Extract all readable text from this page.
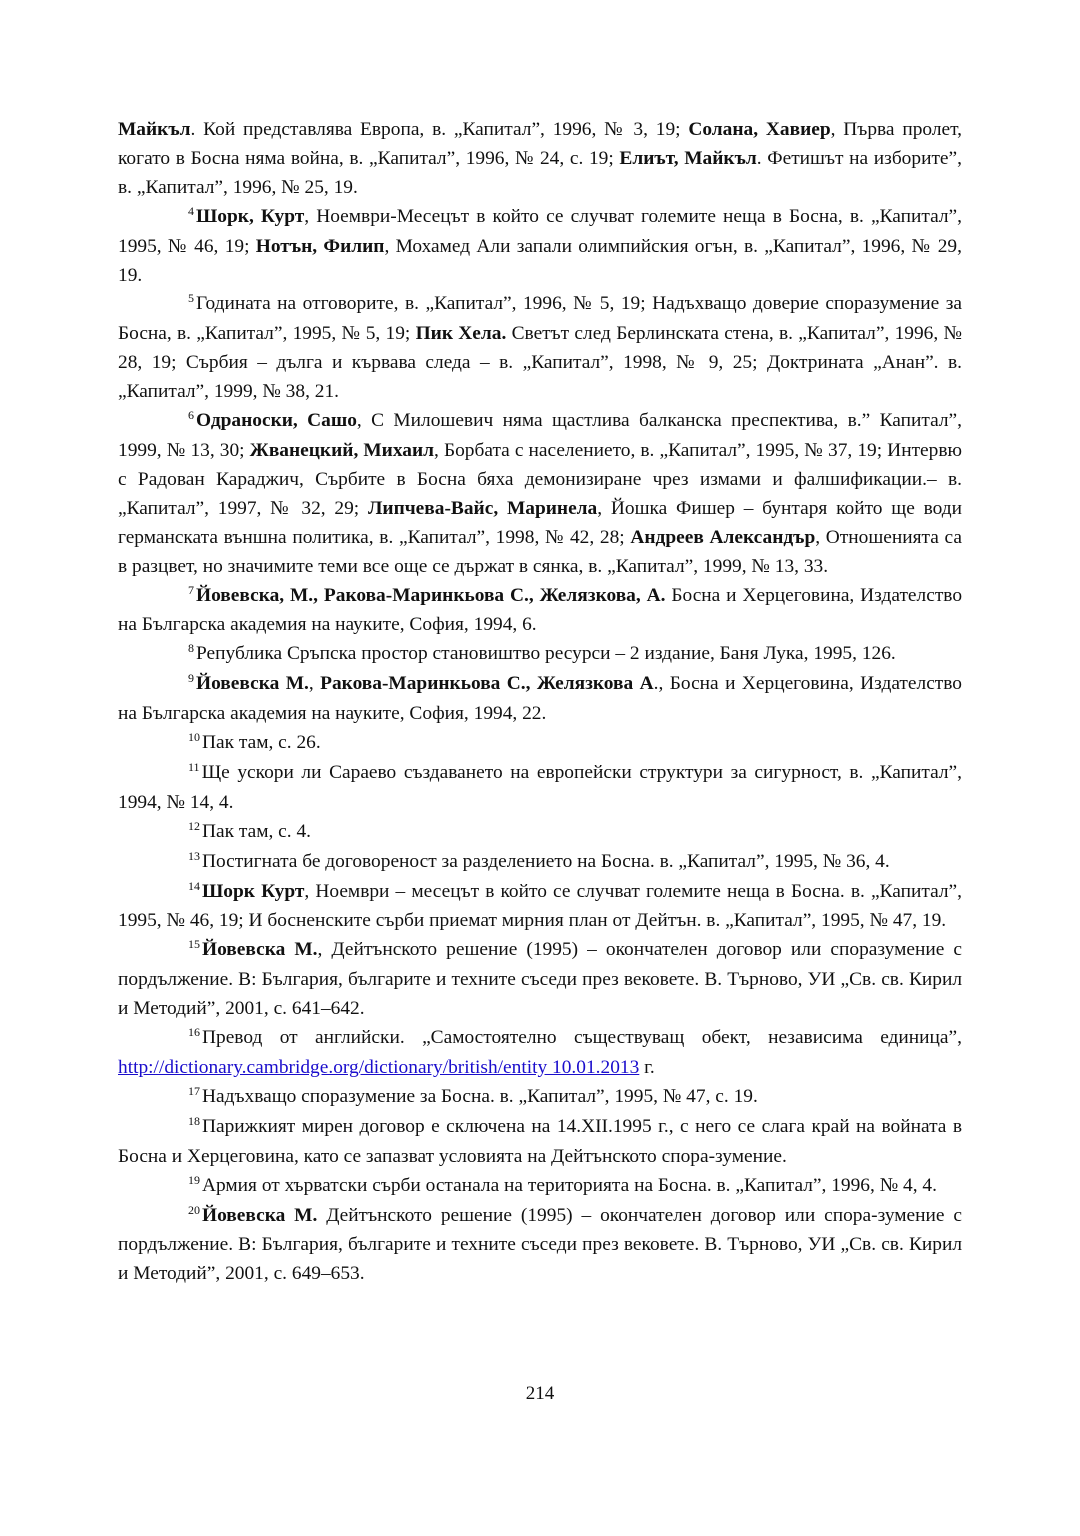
Майкъл. Кой представлява Европа, в. „Капитал”, 1996, № 3, 19; Солана, Хавиер, Първа пролет, когато в Босна няма война, в. „Капитал”, 1996, № 24, с. 19; Елиът, Майкъл. Фетишът на изборите”, в. „Капитал”, 1996, № 25, 19.

$^4$ Шорк, Курт, Ноември-Месецът в който се случват големите неща в Босна, в. „Капитал”, 1995, № 46, 19; Нотън, Филип, Мохамед Али запали олимпийския огън, в. „Капитал”, 1996, № 29, 19.

$^5$ Годината на отговорите, в. „Капитал”, 1996, № 5, 19; Надъхващо доверие споразумение за Босна, в. „Капитал”, 1995, № 5, 19; Пик Хела. Светът след Берлинската стена, в. „Капитал”, 1996, № 28, 19; Сърбия – дълга и кървава следа – в. „Капитал”, 1998, № 9, 25; Доктрината „Анан”. в. „Капитал”, 1999, № 38, 21.

$^6$ Одраноски, Сашо, С Милошевич няма щастлива балканска преспектива, в.” Капитал”, 1999, № 13, 30; Жванецкий, Михаил, Борбата с населението, в. „Капитал”, 1995, № 37, 19; Интервю с Радован Караджич, Сърбите в Босна бяха демонизиране чрез измами и фалшификации.– в. „Капитал”, 1997, № 32, 29; Липчева-Вайс, Маринела, Йошка Фишер – бунтаря който ще води германската външна политика, в. „Капитал”, 1998, № 42, 28; Андреев Александър, Отношенията са в разцвет, но значимите теми все още се държат в сянка, в. „Капитал”, 1999, № 13, 33.

$^7$ Йовевска, М., Ракова-Маринкьова С., Желязкова, А. Босна и Херцеговина, Издателство на Българска академия на науките, София, 1994, 6.

$^8$ Република Сръпска простор становиштво ресурси – 2 издание, Баня Лука, 1995, 126.

$^9$ Йовевска М., Ракова-Маринкьова С., Желязкова А., Босна и Херцеговина, Издателство на Българска академия на науките, София, 1994, 22.

$^{10}$ Пак там, с. 26.

$^{11}$ Ще ускори ли Сараево създаването на европейски структури за сигурност, в. „Капитал”, 1994, № 14, 4.

$^{12}$ Пак там, с. 4.

$^{13}$ Постигната бе договореност за разделението на Босна. в. „Капитал”, 1995, № 36, 4.

$^{14}$ Шорк Курт, Ноември – месецът в който се случват големите неща в Босна. в. „Капитал”, 1995, № 46, 19; И босненските сърби приемат мирния план от Дейтън. в. „Капитал”, 1995, № 47, 19.

$^{15}$ Йовевска М., Дейтънското решение (1995) – окончателен договор или споразумение с пордължение. В: България, българите и техните съседи през вековете. В. Търново, УИ „Св. св. Кирил и Методий”, 2001, с. 641–642.

$^{16}$ Превод от английски. „Самостоятелно съществуващ обект, независима единица”, http://dictionary.cambridge.org/dictionary/british/entity 10.01.2013 г.

$^{17}$ Надъхващо споразумение за Босна. в. „Капитал”, 1995, № 47, с. 19.

$^{18}$ Парижкият мирен договор е сключена на 14.XII.1995 г., с него се слага край на войната в Босна и Херцеговина, като се запазват условията на Дейтънското спора-зумение.

$^{19}$ Армия от хърватски сърби останала на територията на Босна. в. „Капитал”, 1996, № 4, 4.

$^{20}$ Йовевска М. Дейтънското решение (1995) – окончателен договор или спора-зумение с пордължение. В: България, българите и техните съседи през вековете. В. Търново, УИ „Св. св. Кирил и Методий”, 2001, с. 649–653.

214
